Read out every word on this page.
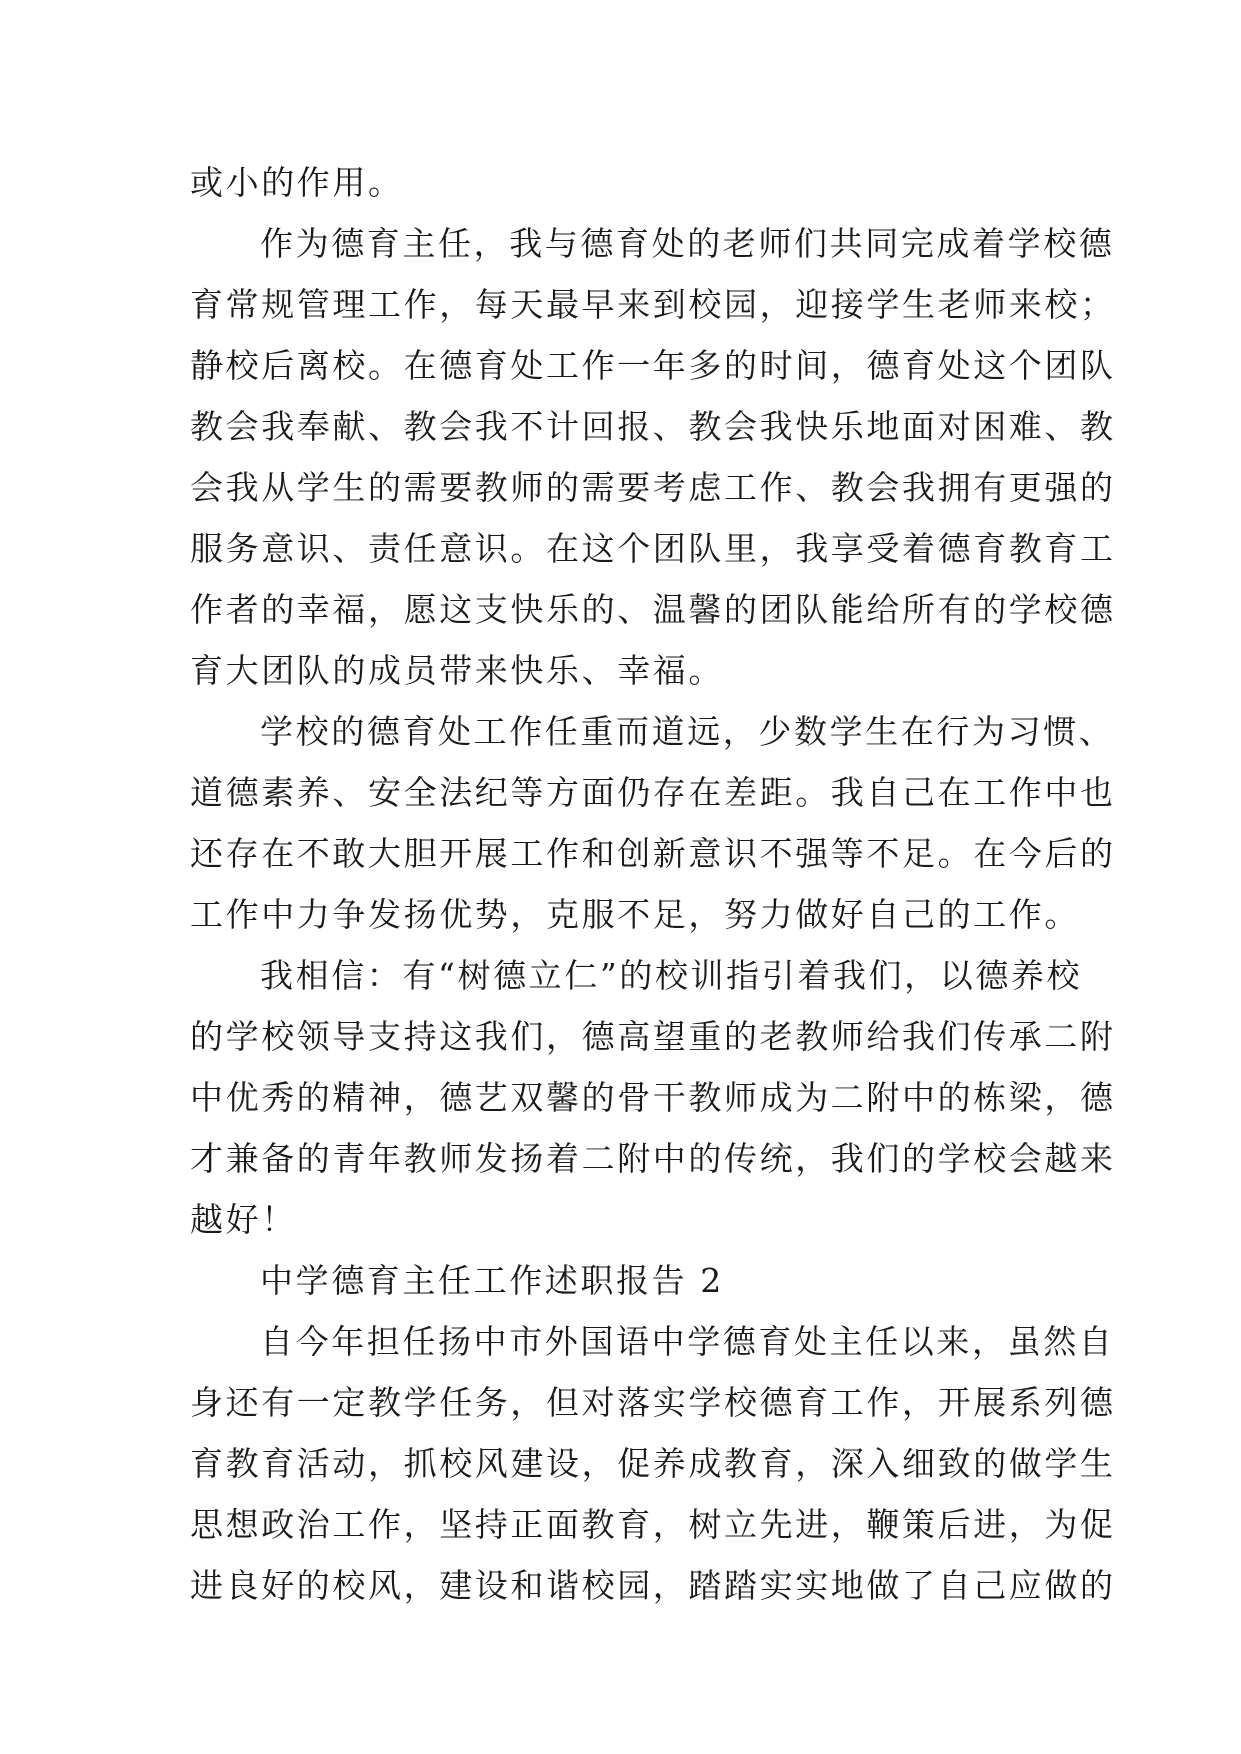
或小的作用。
作为德育主任，我与德育处的老师们共同完成着学校德
育常规管理工作，每天最早来到校园，迎接学生老师来校；
静校后离校。在德育处工作一年多的时间，德育处这个团队
教会我奉献、教会我不计回报、教会我快乐地面对困难、教
会我从学生的需要教师的需要考虑工作、教会我拥有更强的
服务意识、责任意识。在这个团队里，我享受着德育教育工
作者的幸福，愿这支快乐的、温馨的团队能给所有的学校德
育大团队的成员带来快乐、幸福。
学校的德育处工作任重而道远，少数学生在行为习惯、
道德素养、安全法纪等方面仍存在差距。我自己在工作中也
还存在不敢大胆开展工作和创新意识不强等不足。在今后的
工作中力争发扬优势，克服不足，努力做好自己的工作。
我相信：有“树德立仁”的校训指引着我们，以德养校
的学校领导支持这我们，德高望重的老教师给我们传承二附
中优秀的精神，德艺双馨的骨干教师成为二附中的栋梁，德
才兼备的青年教师发扬着二附中的传统，我们的学校会越来
越好！
中学德育主任工作述职报告 2
自今年担任扬中市外国语中学德育处主任以来，虽然自
身还有一定教学任务，但对落实学校德育工作，开展系列德
育教育活动，抓校风建设，促养成教育，深入细致的做学生
思想政治工作，坚持正面教育，树立先进，鞭策后进，为促
进良好的校风，建设和谐校园，踏踏实实地做了自己应做的
